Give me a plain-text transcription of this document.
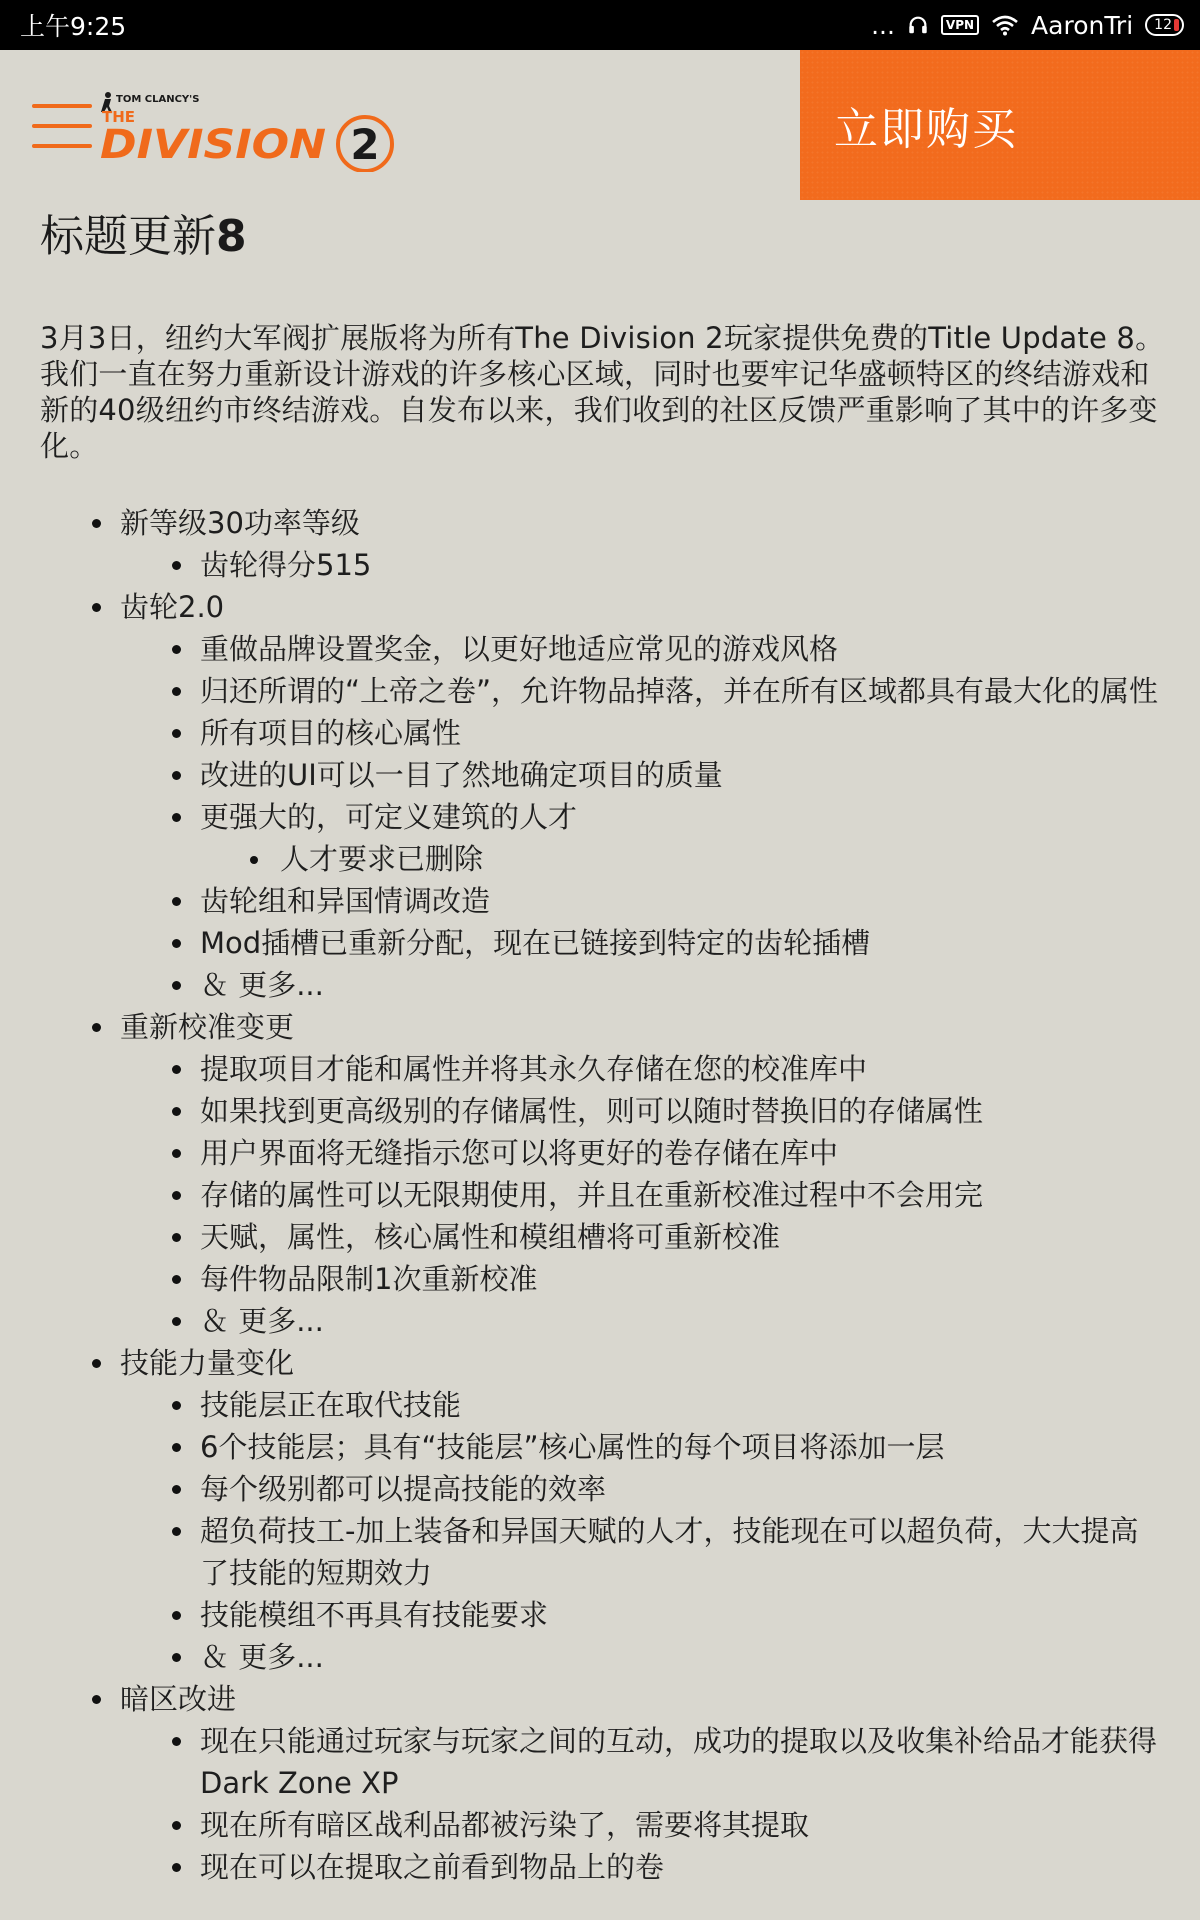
上午9:25	...	VPN AaronTri	12
TOM CLANCY'S
THE
DIVISION 2	立即购买
标题更新8

3月3日，纽约大军阀扩展版将为所有The Division 2玩家提供免费的Title Update 8。我们一直在努力重新设计游戏的许多核心区域，同时也要牢记华盛顿特区的终结游戏和新的40级纽约市终结游戏。自发布以来，我们收到的社区反馈严重影响了其中的许多变化。

新等级30功率等级
齿轮得分515
齿轮2.0
重做品牌设置奖金，以更好地适应常见的游戏风格
归还所谓的“上帝之卷”，允许物品掉落，并在所有区域都具有最大化的属性
所有项目的核心属性
改进的UI可以一目了然地确定项目的质量
更强大的，可定义建筑的人才
人才要求已删除
齿轮组和异国情调改造
Mod插槽已重新分配，现在已链接到特定的齿轮插槽
＆ 更多...
重新校准变更
提取项目才能和属性并将其永久存储在您的校准库中
如果找到更高级别的存储属性，则可以随时替换旧的存储属性
用户界面将无缝指示您可以将更好的卷存储在库中
存储的属性可以无限期使用，并且在重新校准过程中不会用完
天赋，属性，核心属性和模组槽将可重新校准
每件物品限制1次重新校准
＆ 更多...
技能力量变化
技能层正在取代技能
6个技能层；具有“技能层”核心属性的每个项目将添加一层
每个级别都可以提高技能的效率
超负荷技工-加上装备和异国天赋的人才，技能现在可以超负荷，大大提高了技能的短期效力
技能模组不再具有技能要求
＆ 更多...
暗区改进
现在只能通过玩家与玩家之间的互动，成功的提取以及收集补给品才能获得Dark Zone XP
现在所有暗区战利品都被污染了，需要将其提取
现在可以在提取之前看到物品上的卷
